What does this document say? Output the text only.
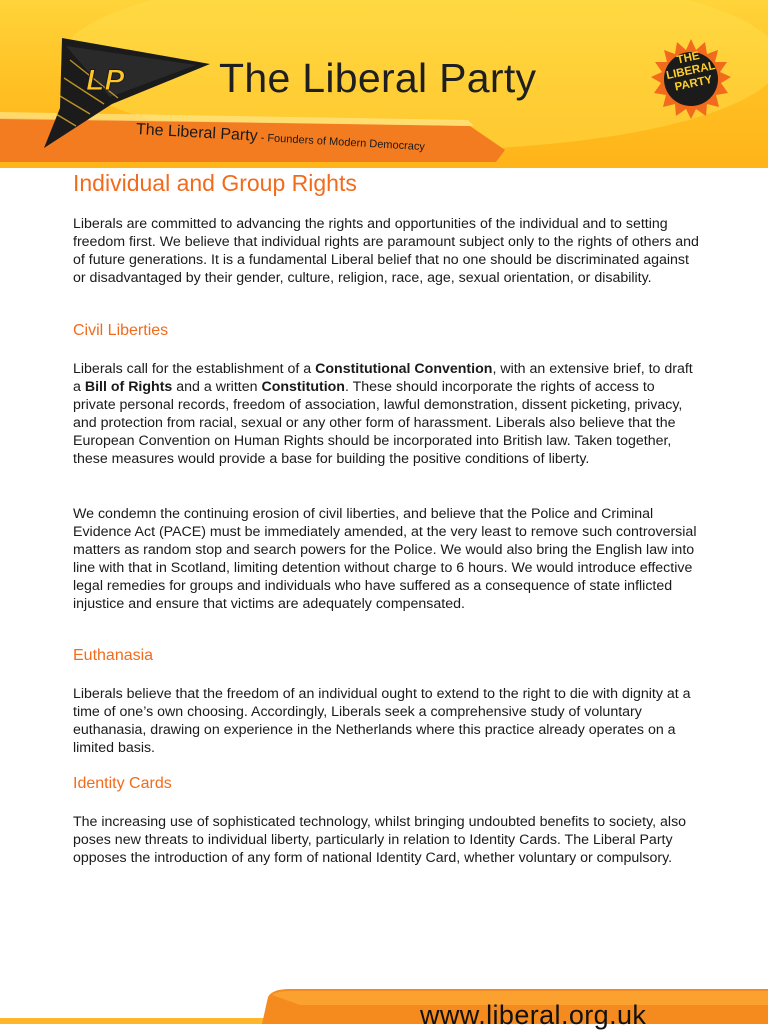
LP The Liberal Party
The Liberal Party - Founders of Modern Democracy
THE
LIBERAL
PARTY
Individual and Group Rights

Liberals are committed to advancing the rights and opportunities of the individual and to setting freedom first. We believe that individual rights are paramount subject only to the rights of others and of future generations. It is a fundamental Liberal belief that no one should be discriminated against or disadvantaged by their gender, culture, religion, race, age, sexual orientation, or disability.

Civil Liberties

Liberals call for the establishment of a Constitutional Convention, with an extensive brief, to draft a Bill of Rights and a written Constitution. These should incorporate the rights of access to private personal records, freedom of association, lawful demonstration, dissent picketing, privacy, and protection from racial, sexual or any other form of harassment. Liberals also believe that the European Convention on Human Rights should be incorporated into British law. Taken together, these measures would provide a base for building the positive conditions of liberty.

We condemn the continuing erosion of civil liberties, and believe that the Police and Criminal Evidence Act (PACE) must be immediately amended, at the very least to remove such controversial matters as random stop and search powers for the Police. We would also bring the English law into line with that in Scotland, limiting detention without charge to 6 hours. We would introduce effective legal remedies for groups and individuals who have suffered as a consequence of state inflicted injustice and ensure that victims are adequately compensated.

Euthanasia

Liberals believe that the freedom of an individual ought to extend to the right to die with dignity at a time of one’s own choosing. Accordingly, Liberals seek a comprehensive study of voluntary euthanasia, drawing on experience in the Netherlands where this practice already operates on a limited basis.

Identity Cards

The increasing use of sophisticated technology, whilst bringing undoubted benefits to society, also poses new threats to individual liberty, particularly in relation to Identity Cards. The Liberal Party opposes the introduction of any form of national Identity Card, whether voluntary or compulsory.

www.liberal.org.uk
